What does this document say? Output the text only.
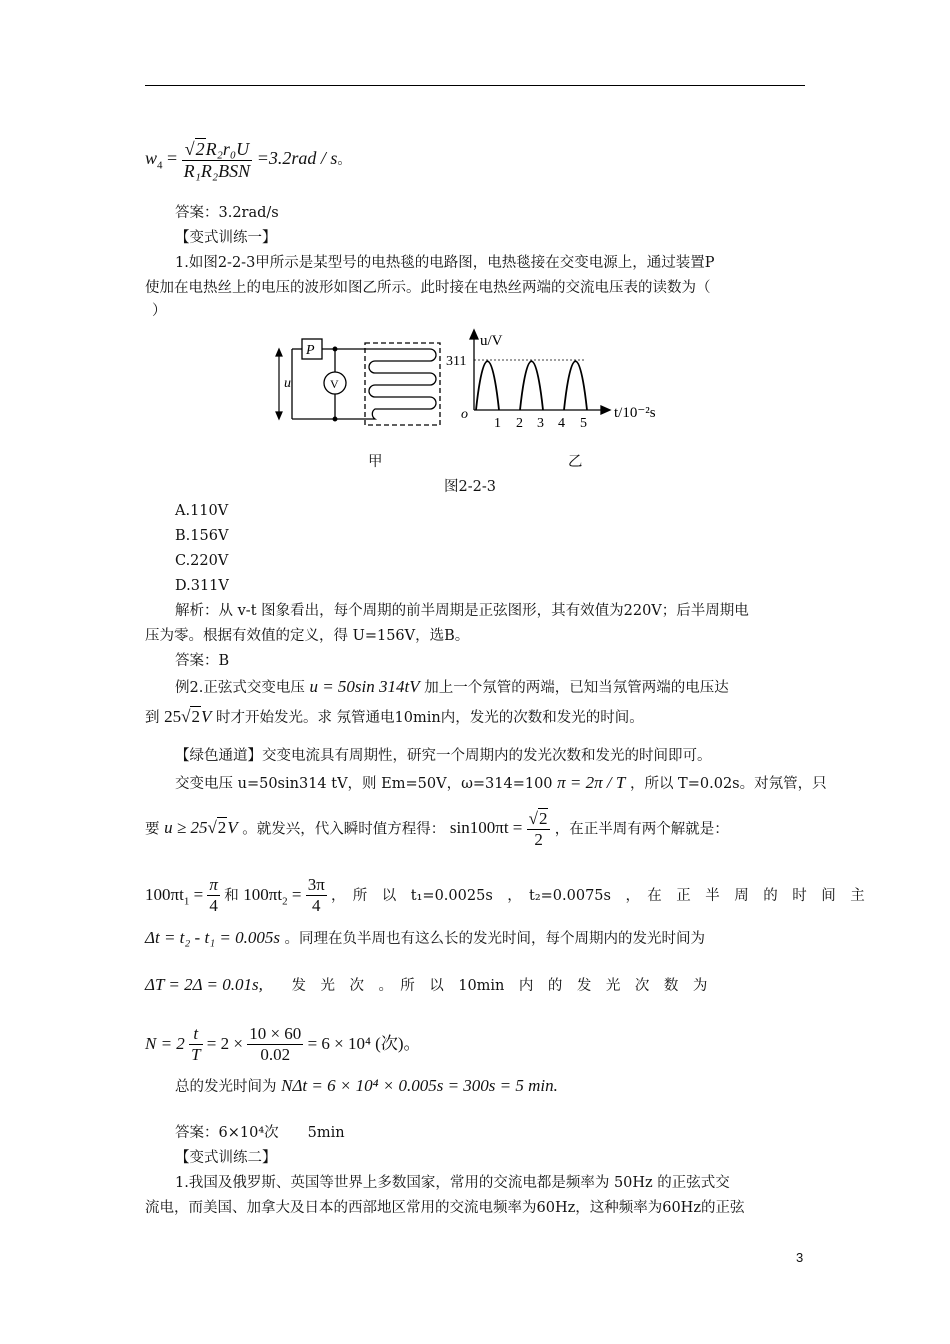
$w_4 = \frac{\text{√2R₂r₀U}}{\text{R₁R₂BSN}} =3.2rad / s$。
答案：3.2rad/s
【变式训练一】
1.如图2-2-3甲所示是某型号的电热毯的电路图，电热毯接在交变电源上，通过装置P
使加在电热丝上的电压的波形如图乙所示。此时接在电热丝两端的交流电压表的读数为（
）
P
V
u
u/V
311
o
1 2 3 4 5
t/10⁻²s
甲	乙
图2-2-3
A.110V
B.156V
C.220V
D.311V
解析：从 v-t 图象看出，每个周期的前半周期是正弦图形，其有效值为220V；后半周期电
压为零。根据有效值的定义，得 U=156V，选B。
答案：B
例2.正弦式交变电压 u = 50sin 314tV 加上一个氖管的两端，已知当氖管两端的电压达
到 25√2V 时才开始发光。求 氖管通电10min内，发光的次数和发光的时间。
【绿色通道】交变电流具有周期性，研究一个周期内的发光次数和发光的时间即可。
交变电压 u=50sin314 tV，则 Em=50V，ω=314=100 π = 2π / T ，所以 T=0.02s。对氖管，只
要 u ≥ 25√2V 。就发兴，代入瞬时值方程得： $\sin 100\pi t = \frac{√2}{2}$ ，在正半周有两个解就是：
$100\pi t_1 = \frac{\pi}{4}$ 和 $100\pi t_2 = \frac{3\pi}{4}$ ，　所　以　t₁=0.0025s　，　t₂=0.0075s　，　在　正　半　周　的　时　间　主
Δt = t₂ - t₁ = 0.005s 。同理在负半周也有这么长的发光时间，每个周期内的发光时间为
ΔT = 2Δ = 0.01s, 发　光　次　。　所　以　10min　内　的　发　光　次　数　为
$N = 2 \frac{t}{T} = 2 \times \frac{10 \times 60}{0.02} = 6 \times 10^4$ (次)。
总的发光时间为 NΔt = 6 × 10⁴ × 0.005s = 300s = 5 min.
答案：6×10⁴次　　5min
【变式训练二】
1.我国及俄罗斯、英国等世界上多数国家，常用的交流电都是频率为 50Hz 的正弦式交
流电，而美国、加拿大及日本的西部地区常用的交流电频率为60Hz，这种频率为60Hz的正弦
3
